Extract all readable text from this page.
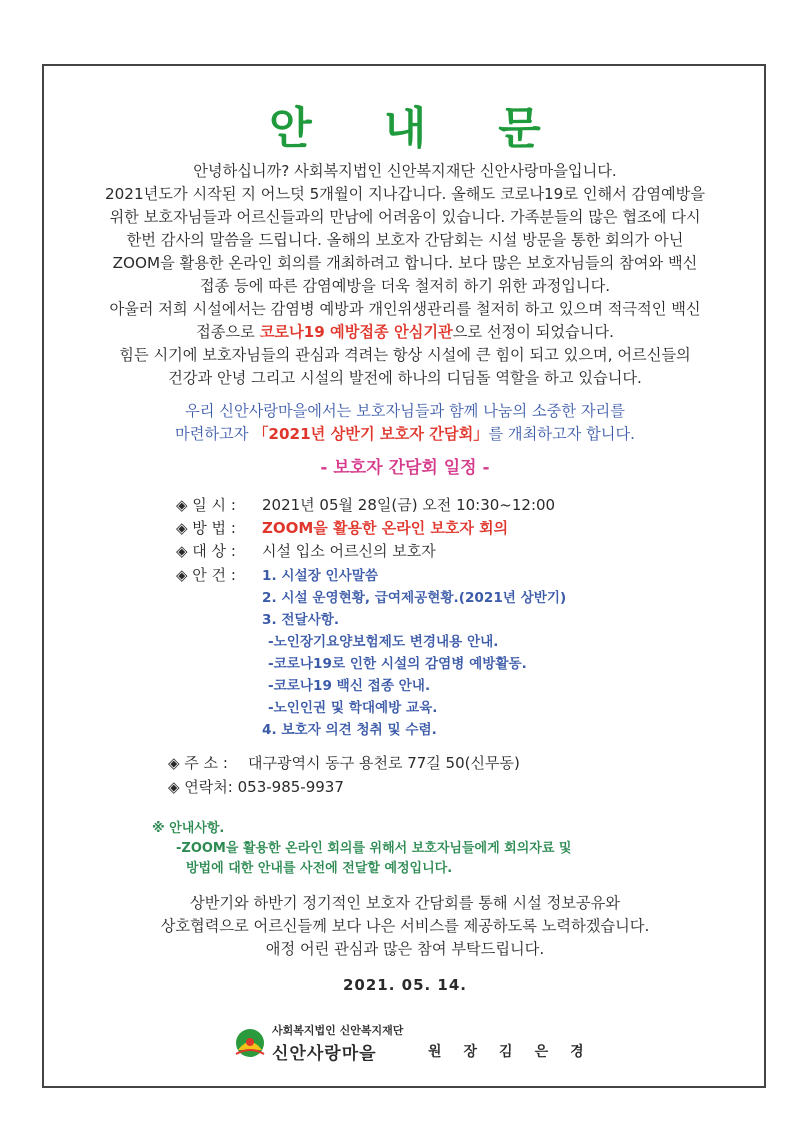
안 내 문
안녕하십니까? 사회복지법인 신안복지재단 신안사랑마을입니다.
2021년도가 시작된 지 어느덧 5개월이 지나갑니다. 올해도 코로나19로 인해서 감염예방을
위한 보호자님들과 어르신들과의 만남에 어려움이 있습니다. 가족분들의 많은 협조에 다시
한번 감사의 말씀을 드립니다. 올해의 보호자 간담회는 시설 방문을 통한 회의가 아닌
ZOOM을 활용한 온라인 회의를 개최하려고 합니다. 보다 많은 보호자님들의 참여와 백신
접종 등에 따른 감염예방을 더욱 철저히 하기 위한 과정입니다.
아울러 저희 시설에서는 감염병 예방과 개인위생관리를 철저히 하고 있으며 적극적인 백신
접종으로 코로나19 예방접종 안심기관으로 선정이 되었습니다.
힘든 시기에 보호자님들의 관심과 격려는 항상 시설에 큰 힘이 되고 있으며, 어르신들의
건강과 안녕 그리고 시설의 발전에 하나의 디딤돌 역할을 하고 있습니다.
우리 신안사랑마을에서는 보호자님들과 함께 나눔의 소중한 자리를
마련하고자 「2021년 상반기 보호자 간담회」를 개최하고자 합니다.
- 보호자 간담회 일정 -
◈ 일 시 : 2021년 05월 28일(금) 오전 10:30~12:00
◈ 방 법 : ZOOM을 활용한 온라인 보호자 회의
◈ 대 상 : 시설 입소 어르신의 보호자
◈ 안 건 :	1. 시설장 인사말씀
2. 시설 운영현황, 급여제공현황.(2021년 상반기)
3. 전달사항.
-노인장기요양보험제도 변경내용 안내.
-코로나19로 인한 시설의 감염병 예방활동.
-코로나19 백신 접종 안내.
-노인인권 및 학대예방 교육.
4. 보호자 의견 청취 및 수렴.
◈ 주 소 : 대구광역시 동구 용천로 77길 50(신무동)
◈ 연락처: 053-985-9937
※ 안내사항.
-ZOOM을 활용한 온라인 회의를 위해서 보호자님들에게 회의자료 및
방법에 대한 안내를 사전에 전달할 예정입니다.
상반기와 하반기 정기적인 보호자 간담회를 통해 시설 정보공유와
상호협력으로 어르신들께 보다 나은 서비스를 제공하도록 노력하겠습니다.
애정 어린 관심과 많은 참여 부탁드립니다.
2021. 05. 14.
사회복지법인 신안복지재단
신안사랑마을	원장김은경
